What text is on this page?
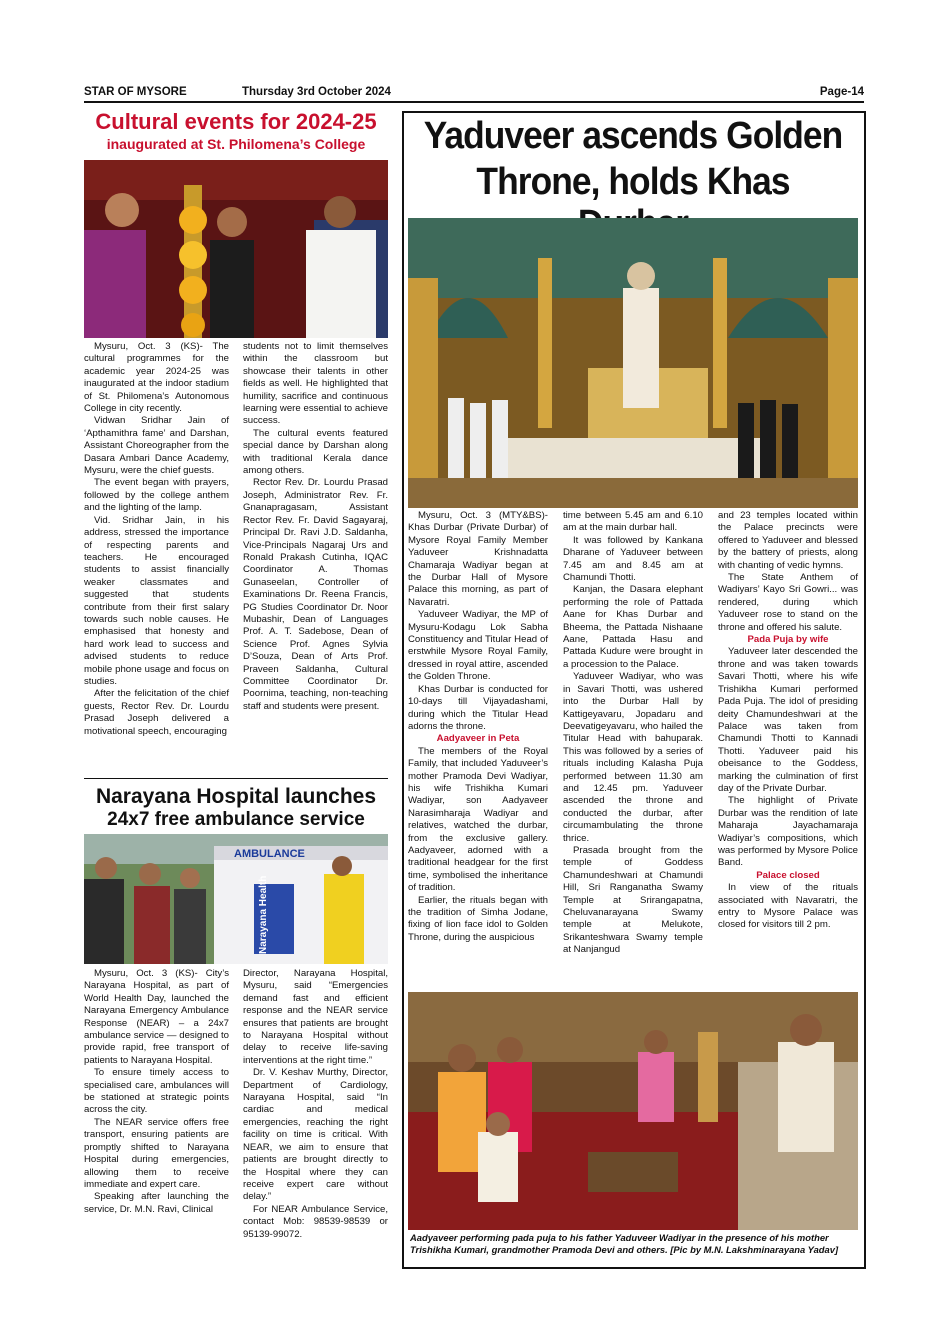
STAR OF MYSORE	Thursday 3rd October 2024	Page-14
Cultural events for 2024-25
inaugurated at St. Philomena’s College

Mysuru, Oct. 3 (KS)- The cultural programmes for the academic year 2024-25 was inaugurated at the indoor stadium of St. Philomena’s Autonomous College in city recently.

Vidwan Sridhar Jain of ‘Apthamithra fame’ and Darshan, Assistant Choreographer from the Dasara Ambari Dance Academy, Mysuru, were the chief guests.

The event began with prayers, followed by the college anthem and the lighting of the lamp.

Vid. Sridhar Jain, in his address, stressed the importance of respecting parents and teachers. He encouraged students to assist financially weaker classmates and suggested that students contribute from their first salary towards such noble causes. He emphasised that honesty and hard work lead to success and advised students to reduce mobile phone usage and focus on studies.

After the felicitation of the chief guests, Rector Rev. Dr. Lourdu Prasad Joseph delivered a motivational speech, encouraging

students not to limit themselves within the classroom but showcase their talents in other fields as well. He highlighted that humility, sacrifice and continuous learning were essential to achieve success.

The cultural events featured special dance by Darshan along with traditional Kerala dance among others.

Rector Rev. Dr. Lourdu Prasad Joseph, Administrator Rev. Fr. Gnanapragasam, Assistant Rector Rev. Fr. David Sagayaraj, Principal Dr. Ravi J.D. Saldanha, Vice-Principals Nagaraj Urs and Ronald Prakash Cutinha, IQAC Coordinator A. Thomas Gunaseelan, Controller of Examinations Dr. Reena Francis, PG Studies Coordinator Dr. Noor Mubashir, Dean of Languages Prof. A. T. Sadebose, Dean of Science Prof. Agnes Sylvia D’Souza, Dean of Arts Prof. Praveen Saldanha, Cultural Committee Coordinator Dr. Poornima, teaching, non-teaching staff and students were present.

Narayana Hospital launches
24x7 free ambulance service
AMBULANCE
Narayana Health

Mysuru, Oct. 3 (KS)- City’s Narayana Hospital, as part of World Health Day, launched the Narayana Emergency Ambulance Response (NEAR) – a 24x7 ambulance service — designed to provide rapid, free transport of patients to Narayana Hospital.

To ensure timely access to specialised care, ambulances will be stationed at strategic points across the city.

The NEAR service offers free transport, ensuring patients are promptly shifted to Narayana Hospital during emergencies, allowing them to receive immediate and expert care.

Speaking after launching the service, Dr. M.N. Ravi, Clinical

Director, Narayana Hospital, Mysuru, said “Emergencies demand fast and efficient response and the NEAR service ensures that patients are brought to Narayana Hospital without delay to receive life-saving interventions at the right time.”

Dr. V. Keshav Murthy, Director, Department of Cardiology, Narayana Hospital, said “In cardiac and medical emergencies, reaching the right facility on time is critical. With NEAR, we aim to ensure that patients are brought directly to the Hospital where they can receive expert care without delay.”

For NEAR Ambulance Service, contact Mob: 98539-98539 or 95139-99072.

Yaduveer ascends Golden
Throne, holds Khas

Mysuru, Oct. 3 (MTY&BS)- Khas Durbar (Private Durbar) of Mysore Royal Family Member Yaduveer Krishnadatta Chamaraja Wadiyar began at the Durbar Hall of Mysore Palace this morning, as part of Navaratri.

Yaduveer Wadiyar, the MP of Mysuru-Kodagu Lok Sabha Constituency and Titular Head of erstwhile Mysore Royal Family, dressed in royal attire, ascended the Golden Throne.

Khas Durbar is conducted for 10-days till Vijayadashami, during which the Titular Head adorns the throne.

Aadyaveer in Peta

The members of the Royal Family, that included Yaduveer’s mother Pramoda Devi Wadiyar, his wife Trishikha Kumari Wadiyar, son Aadyaveer Narasimharaja Wadiyar and relatives, watched the durbar, from the exclusive gallery. Aadyaveer, adorned with a traditional headgear for the first time, symbolised the inheritance of tradition.

Earlier, the rituals began with the tradition of Simha Jodane, fixing of lion face idol to Golden Throne, during the auspicious

time between 5.45 am and 6.10 am at the main durbar hall.

It was followed by Kankana Dharane of Yaduveer between 7.45 am and 8.45 am at Chamundi Thotti.

Kanjan, the Dasara elephant performing the role of Pattada Aane for Khas Durbar and Bheema, the Pattada Nishaane Aane, Pattada Hasu and Pattada Kudure were brought in a procession to the Palace.

Yaduveer Wadiyar, who was in Savari Thotti, was ushered into the Durbar Hall by Kattigeyavaru, Jopadaru and Deevatigeyavaru, who hailed the Titular Head with bahuparak. This was followed by a series of rituals including Kalasha Puja performed between 11.30 am and 12.45 pm. Yaduveer ascended the throne and conducted the durbar, after circumambulating the throne thrice.

Prasada brought from the temple of Goddess Chamundeshwari at Chamundi Hill, Sri Ranganatha Swamy Temple at Srirangapatna, Cheluvanarayana Swamy temple at Melukote, Srikanteshwara Swamy temple at Nanjangud

and 23 temples located within the Palace precincts were offered to Yaduveer and blessed by the battery of priests, along with chanting of vedic hymns.

The State Anthem of Wadiyars’ Kayo Sri Gowri... was rendered, during which Yaduveer rose to stand on the throne and offered his salute.

Pada Puja by wife

Yaduveer later descended the throne and was taken towards Savari Thotti, where his wife Trishikha Kumari performed Pada Puja. The idol of presiding deity Chamundeshwari at the Palace was taken from Chamundi Thotti to Kannadi Thotti. Yaduveer paid his obeisance to the Goddess, marking the culmination of first day of the Private Durbar.

The highlight of Private Durbar was the rendition of late Maharaja Jayachamaraja Wadiyar’s compositions, which was performed by Mysore Police Band.

Palace closed

In view of the rituals associated with Navaratri, the entry to Mysore Palace was closed for visitors till 2 pm.

Aadyaveer performing pada puja to his father Yaduveer Wadiyar in the presence of his mother Trishikha Kumari, grandmother Pramoda Devi and others. [Pic by M.N. Lakshminarayana Yadav]
